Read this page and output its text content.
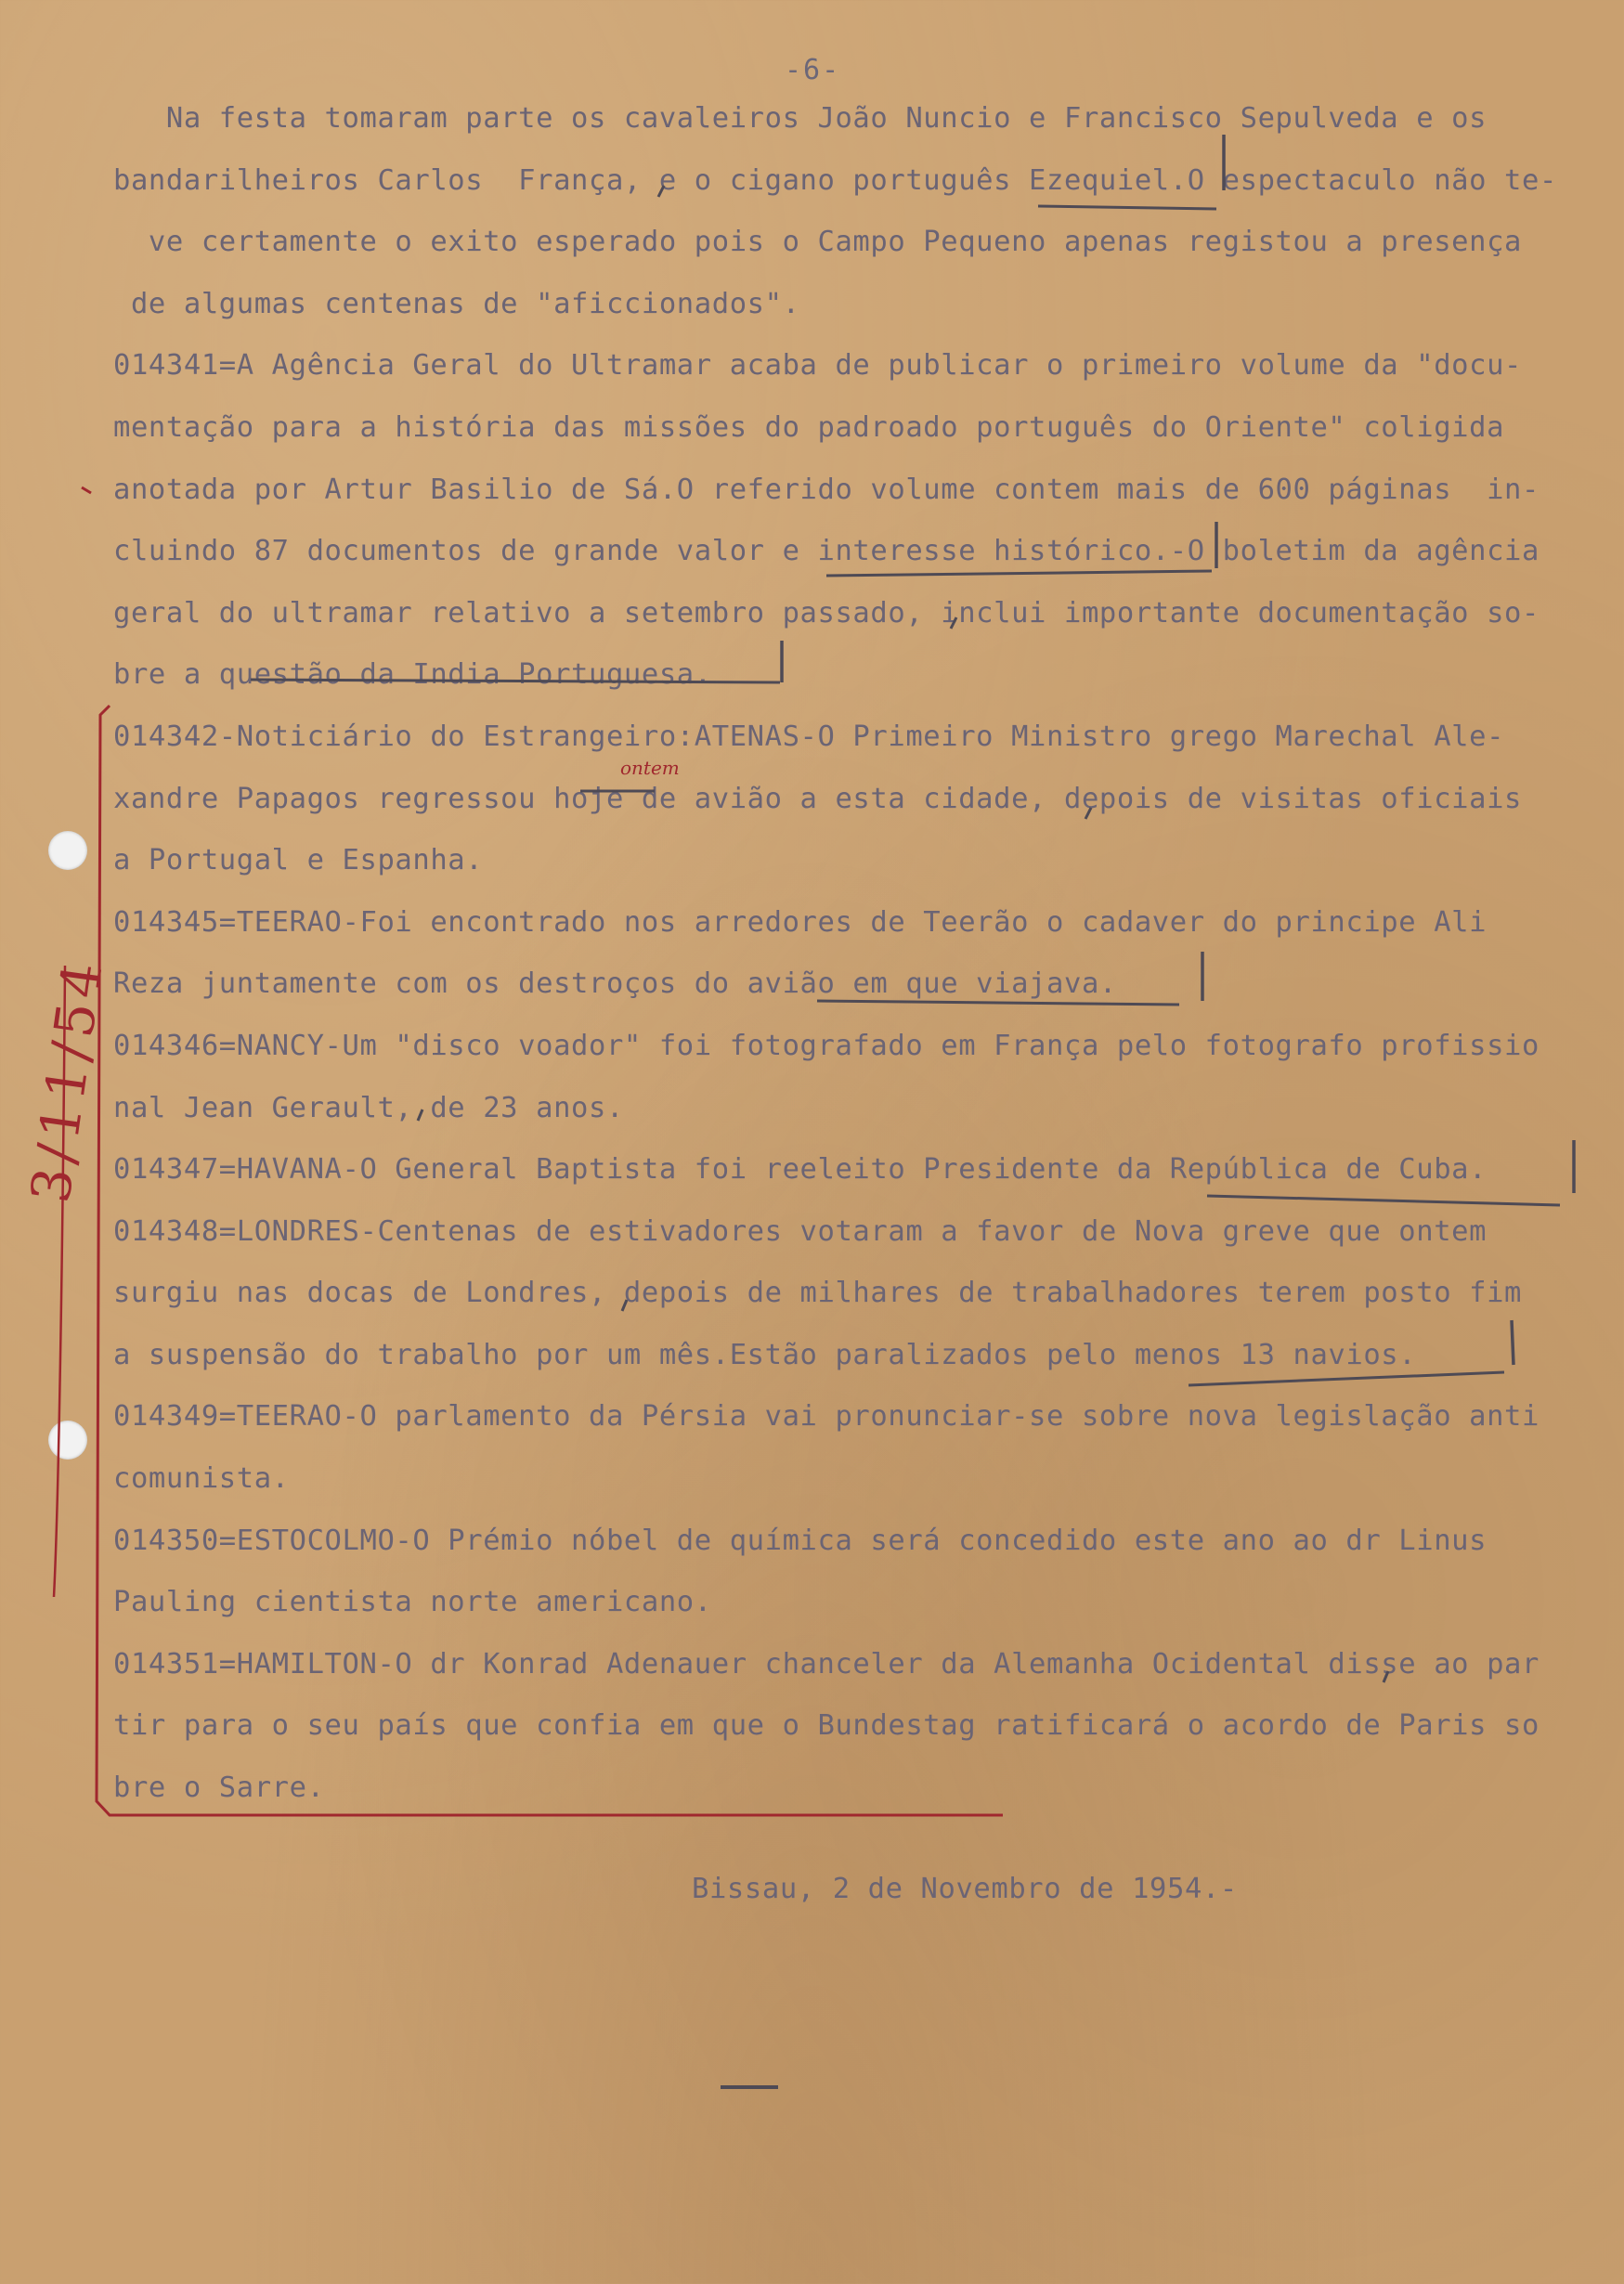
-6-
Na festa tomaram parte os cavaleiros João Nuncio e Francisco Sepulveda e os
bandarilheiros Carlos  França, e o cigano português Ezequiel.O espectaculo não te-
ve certamente o exito esperado pois o Campo Pequeno apenas registou a presença
de algumas centenas de "aficcionados".
014341=A Agência Geral do Ultramar acaba de publicar o primeiro volume da "docu-
mentação para a história das missões do padroado português do Oriente" coligida
anotada por Artur Basilio de Sá.O referido volume contem mais de 600 páginas  in-
cluindo 87 documentos de grande valor e interesse histórico.-O boletim da agência
geral do ultramar relativo a setembro passado, inclui importante documentação so-
bre a questão da India Portuguesa.
014342-Noticiário do Estrangeiro:ATENAS-O Primeiro Ministro grego Marechal Ale-
xandre Papagos regressou hoje de avião a esta cidade, depois de visitas oficiais
a Portugal e Espanha.
014345=TEERAO-Foi encontrado nos arredores de Teerão o cadaver do principe Ali
Reza juntamente com os destroços do avião em que viajava.
014346=NANCY-Um "disco voador" foi fotografado em França pelo fotografo profissio
nal Jean Gerault, de 23 anos.
014347=HAVANA-O General Baptista foi reeleito Presidente da República de Cuba.
014348=LONDRES-Centenas de estivadores votaram a favor de Nova greve que ontem
surgiu nas docas de Londres, depois de milhares de trabalhadores terem posto fim
a suspensão do trabalho por um mês.Estão paralizados pelo menos 13 navios.
014349=TEERAO-O parlamento da Pérsia vai pronunciar-se sobre nova legislação anti
comunista.
014350=ESTOCOLMO-O Prémio nóbel de química será concedido este ano ao dr Linus
Pauling cientista norte americano.
014351=HAMILTON-O dr Konrad Adenauer chanceler da Alemanha Ocidental disse ao par
tir para o seu país que confia em que o Bundestag ratificará o acordo de Paris so
bre o Sarre.
Bissau, 2 de Novembro de 1954.-
ontem
3/11/54
